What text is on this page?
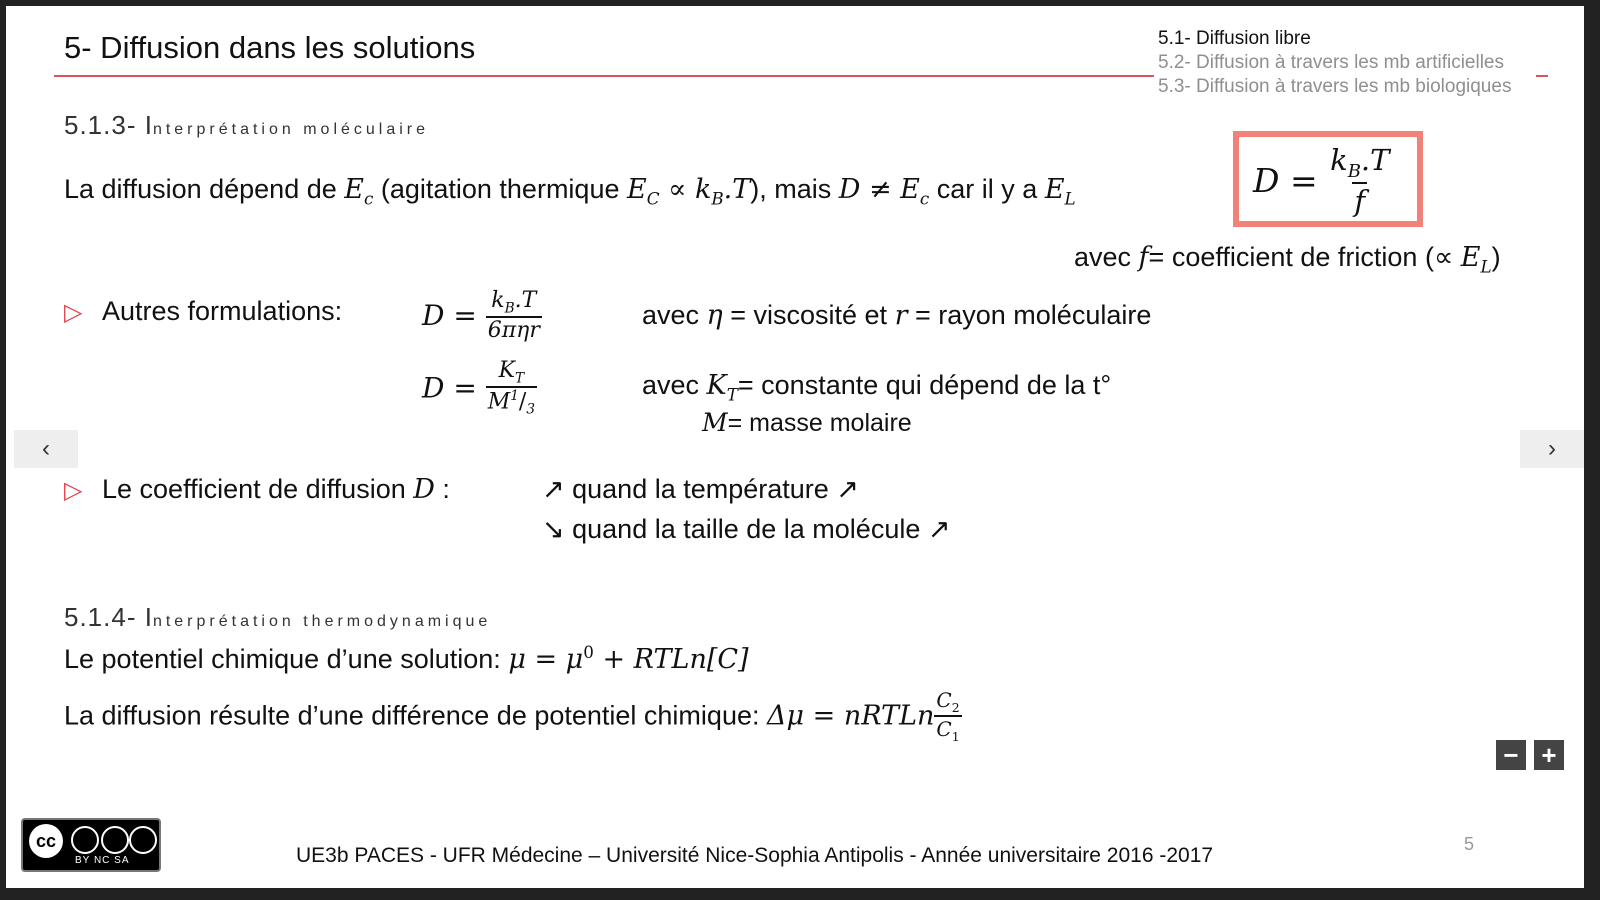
5- Diffusion dans les solutions	5.1- Diffusion libre
5.2- Diffusion à travers les mb artificielles
5.3- Diffusion à travers les mb biologiques
5.1.3- Interprétation moléculaire
La diffusion dépend de $E_c$ (agitation thermique $E_C \propto k_B.T$), mais $D \ne E_c$ car il y a $E_L$	$D = \frac{k_B.T}{f}$
avec f= coefficient de friction (∝ $E_L$)
▷ Autres formulations:	$D = \frac{k_B.T}{\text{6πηr}}$	avec η = viscosité et r = rayon moléculaire
$D = \frac{K_T}{M^1/_3}$	avec $K_T=$ constante qui dépend de la t°
M= masse molaire
‹	›
▷ Le coefficient de diffusion D :	↗ quand la température ↗
↘ quand la taille de la molécule ↗
5.1.4- Interprétation thermodynamique
Le potentiel chimique d’une solution: $\mu = \mu^0$ + RTLn[C]
La diffusion résulte d’une différence de potentiel chimique: Δμ = nRTLn $\frac{C_2}{C_1}$
− +
cc
BY NC SA	UE3b PACES - UFR Médecine – Université Nice-Sophia Antipolis - Année universitaire 2016 -2017	5
